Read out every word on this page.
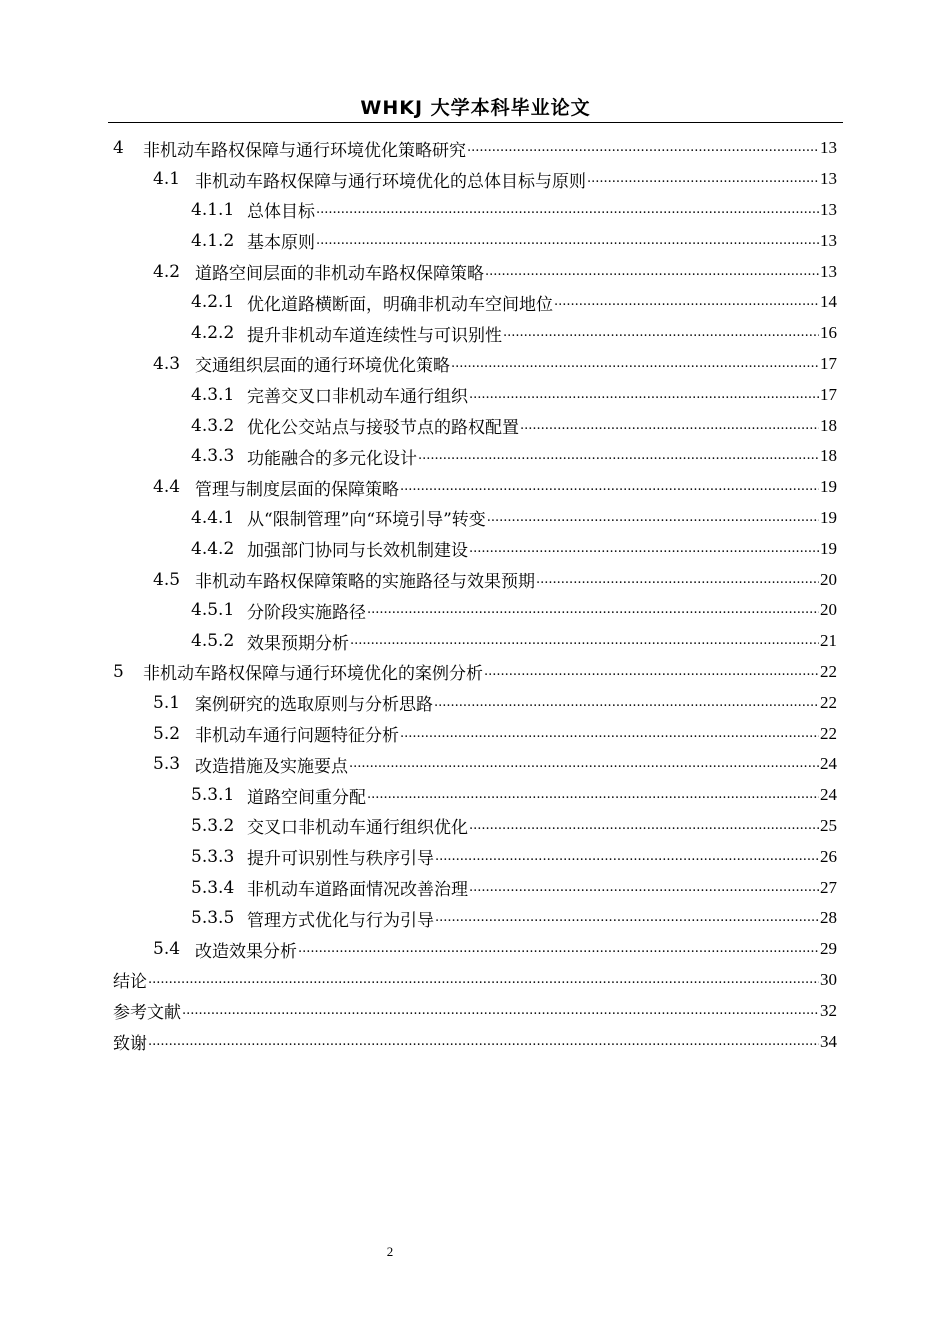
WHKJ 大学本科毕业论文
4	非机动车路权保障与通行环境优化策略研究 .....	13
4.1 非机动车路权保障与通行环境优化的总体目标与原则 .....	13
4.1.1 总体目标 .....	13
4.1.2 基本原则 .....	13
4.2 道路空间层面的非机动车路权保障策略 .....	13
4.2.1 优化道路横断面，明确非机动车空间地位 .....	14
4.2.2 提升非机动车道连续性与可识别性 .....	16
4.3 交通组织层面的通行环境优化策略 .....	17
4.3.1 完善交叉口非机动车通行组织 .....	17
4.3.2 优化公交站点与接驳节点的路权配置 .....	18
4.3.3 功能融合的多元化设计 .....	18
4.4 管理与制度层面的保障策略 .....	19
4.4.1 从“限制管理”向“环境引导”转变 .....	19
4.4.2 加强部门协同与长效机制建设 .....	19
4.5 非机动车路权保障策略的实施路径与效果预期 .....	20
4.5.1 分阶段实施路径 .....	20
4.5.2 效果预期分析 .....	21
5	非机动车路权保障与通行环境优化的案例分析 .....	22
5.1 案例研究的选取原则与分析思路 .....	22
5.2 非机动车通行问题特征分析 .....	22
5.3 改造措施及实施要点 .....	24
5.3.1 道路空间重分配 .....	24
5.3.2 交叉口非机动车通行组织优化 .....	25
5.3.3 提升可识别性与秩序引导 .....	26
5.3.4 非机动车道路面情况改善治理 .....	27
5.3.5 管理方式优化与行为引导 .....	28
5.4 改造效果分析 .....	29
结论 .....	30
参考文献 .....	32
致谢 .....	34
2
